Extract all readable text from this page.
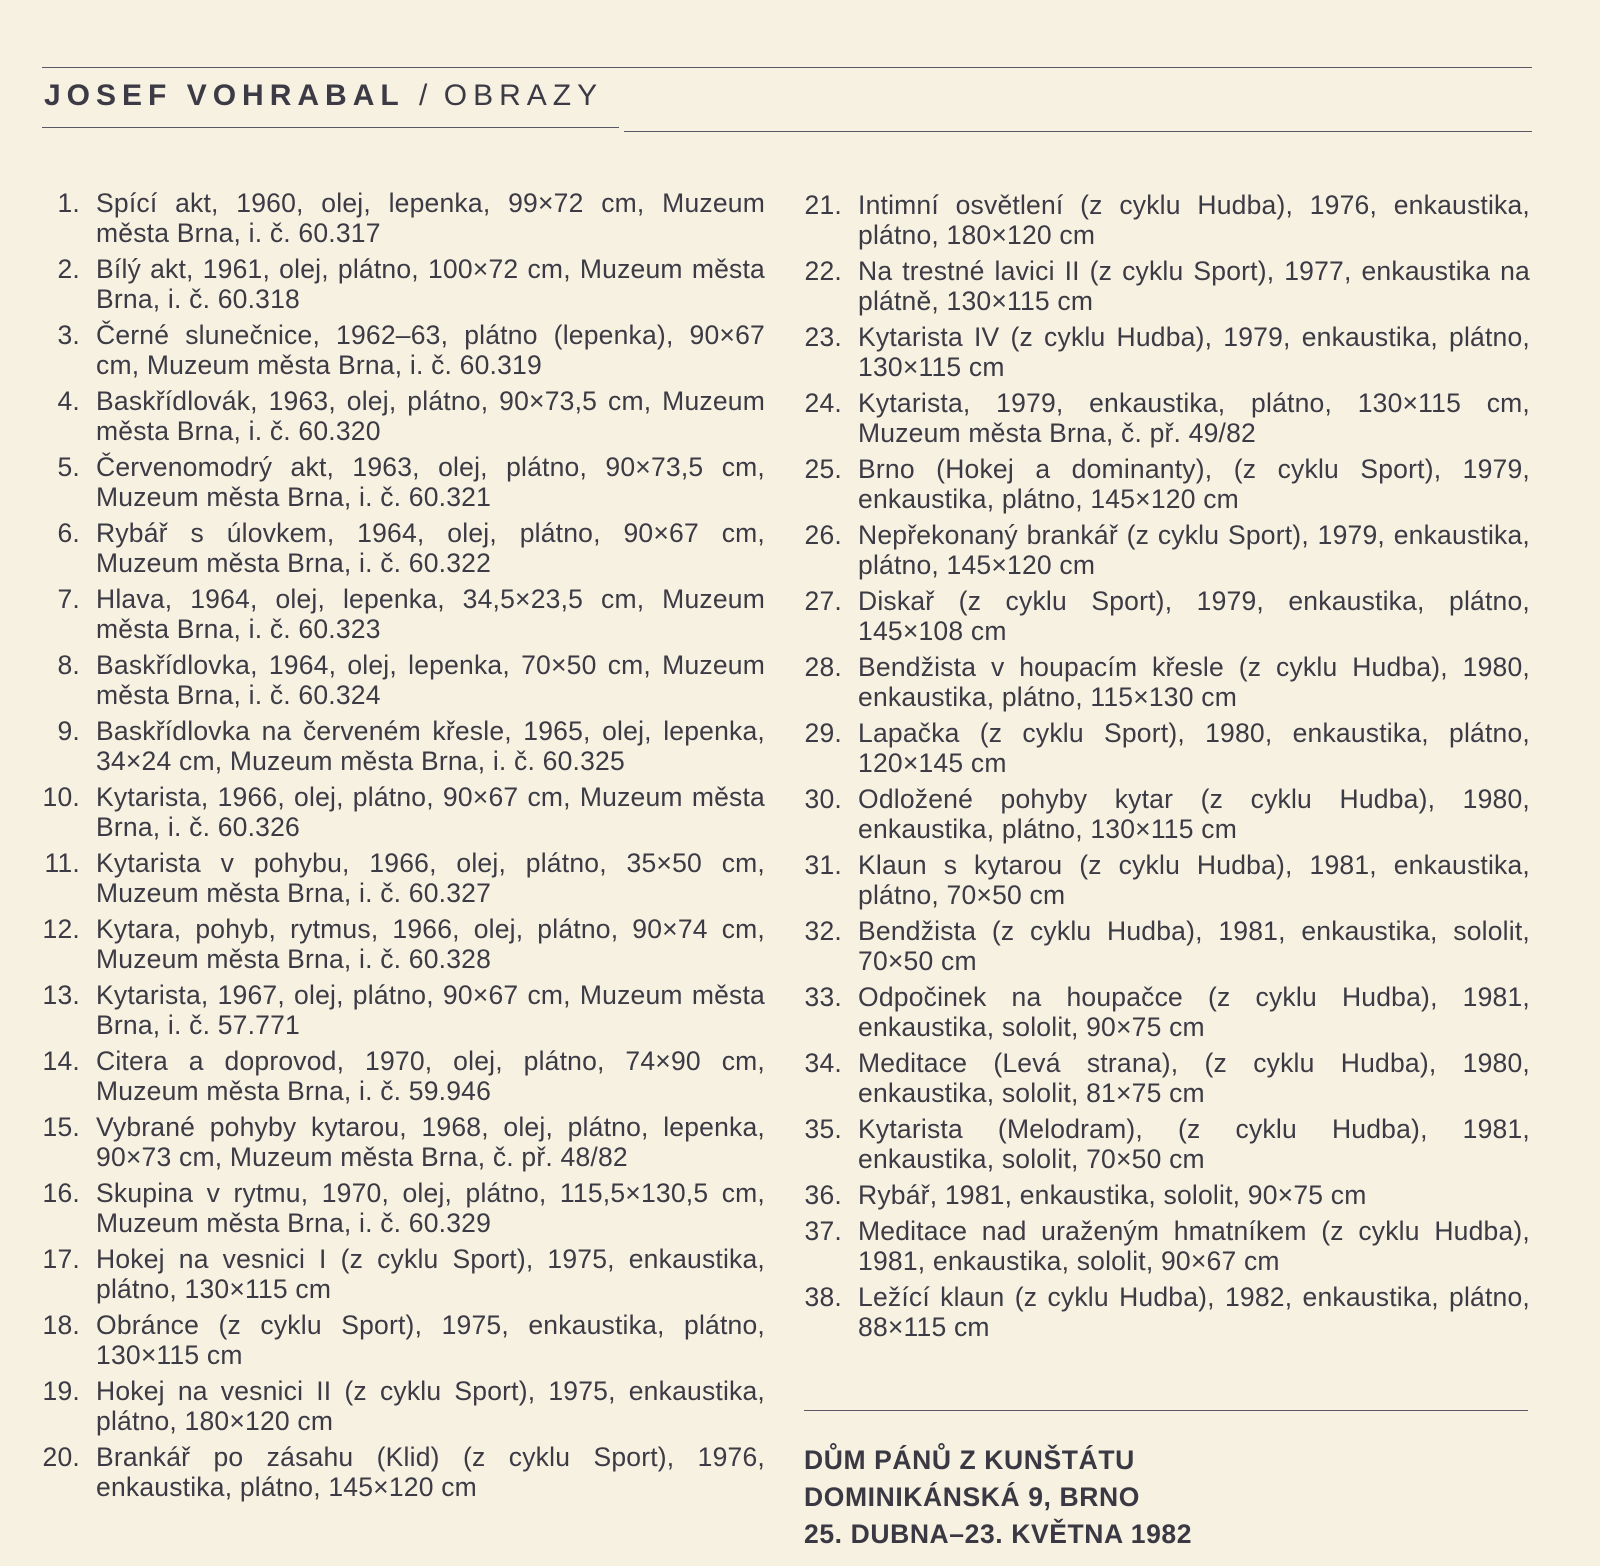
JOSEF VOHRABAL / OBRAZY
1. Spící akt, 1960, olej, lepenka, 99×72 cm, Muzeum města Brna, i. č. 60.317
2. Bílý akt, 1961, olej, plátno, 100×72 cm, Muzeum města Brna, i. č. 60.318
3. Černé slunečnice, 1962–63, plátno (lepenka), 90×67 cm, Muzeum města Brna, i. č. 60.319
4. Baskřídlovák, 1963, olej, plátno, 90×73,5 cm, Muzeum města Brna, i. č. 60.320
5. Červenomodrý akt, 1963, olej, plátno, 90×73,5 cm, Muzeum města Brna, i. č. 60.321
6. Rybář s úlovkem, 1964, olej, plátno, 90×67 cm, Muzeum města Brna, i. č. 60.322
7. Hlava, 1964, olej, lepenka, 34,5×23,5 cm, Muzeum města Brna, i. č. 60.323
8. Baskřídlovka, 1964, olej, lepenka, 70×50 cm, Muzeum města Brna, i. č. 60.324
9. Baskřídlovka na červeném křesle, 1965, olej, lepenka, 34×24 cm, Muzeum města Brna, i. č. 60.325
10. Kytarista, 1966, olej, plátno, 90×67 cm, Muzeum města Brna, i. č. 60.326
11. Kytarista v pohybu, 1966, olej, plátno, 35×50 cm, Muzeum města Brna, i. č. 60.327
12. Kytara, pohyb, rytmus, 1966, olej, plátno, 90×74 cm, Muzeum města Brna, i. č. 60.328
13. Kytarista, 1967, olej, plátno, 90×67 cm, Muzeum města Brna, i. č. 57.771
14. Citera a doprovod, 1970, olej, plátno, 74×90 cm, Muzeum města Brna, i. č. 59.946
15. Vybrané pohyby kytarou, 1968, olej, plátno, lepenka, 90×73 cm, Muzeum města Brna, č. př. 48/82
16. Skupina v rytmu, 1970, olej, plátno, 115,5×130,5 cm, Muzeum města Brna, i. č. 60.329
17. Hokej na vesnici I (z cyklu Sport), 1975, enkaustika, plátno, 130×115 cm
18. Obránce (z cyklu Sport), 1975, enkaustika, plátno, 130×115 cm
19. Hokej na vesnici II (z cyklu Sport), 1975, enkaustika, plátno, 180×120 cm
20. Brankář po zásahu (Klid) (z cyklu Sport), 1976, enkaustika, plátno, 145×120 cm
21. Intimní osvětlení (z cyklu Hudba), 1976, enkaustika, plátno, 180×120 cm
22. Na trestné lavici II (z cyklu Sport), 1977, enkaustika na plátně, 130×115 cm
23. Kytarista IV (z cyklu Hudba), 1979, enkaustika, plátno, 130×115 cm
24. Kytarista, 1979, enkaustika, plátno, 130×115 cm, Muzeum města Brna, č. př. 49/82
25. Brno (Hokej a dominanty), (z cyklu Sport), 1979, enkaustika, plátno, 145×120 cm
26. Nepřekonaný brankář (z cyklu Sport), 1979, enkaustika, plátno, 145×120 cm
27. Diskař (z cyklu Sport), 1979, enkaustika, plátno, 145×108 cm
28. Bendžista v houpacím křesle (z cyklu Hudba), 1980, enkaustika, plátno, 115×130 cm
29. Lapačka (z cyklu Sport), 1980, enkaustika, plátno, 120×145 cm
30. Odložené pohyby kytar (z cyklu Hudba), 1980, enkaustika, plátno, 130×115 cm
31. Klaun s kytarou (z cyklu Hudba), 1981, enkaustika, plátno, 70×50 cm
32. Bendžista (z cyklu Hudba), 1981, enkaustika, sololit, 70×50 cm
33. Odpočinek na houpačce (z cyklu Hudba), 1981, enkaustika, sololit, 90×75 cm
34. Meditace (Levá strana), (z cyklu Hudba), 1980, enkaustika, sololit, 81×75 cm
35. Kytarista (Melodram), (z cyklu Hudba), 1981, enkaustika, sololit, 70×50 cm
36. Rybář, 1981, enkaustika, sololit, 90×75 cm
37. Meditace nad uraženým hmatníkem (z cyklu Hudba), 1981, enkaustika, sololit, 90×67 cm
38. Ležící klaun (z cyklu Hudba), 1982, enkaustika, plátno, 88×115 cm
DŮM PÁNŮ Z KUNŠTÁTU
DOMINIKÁNSKÁ 9, BRNO
25. DUBNA–23. KVĚTNA 1982
